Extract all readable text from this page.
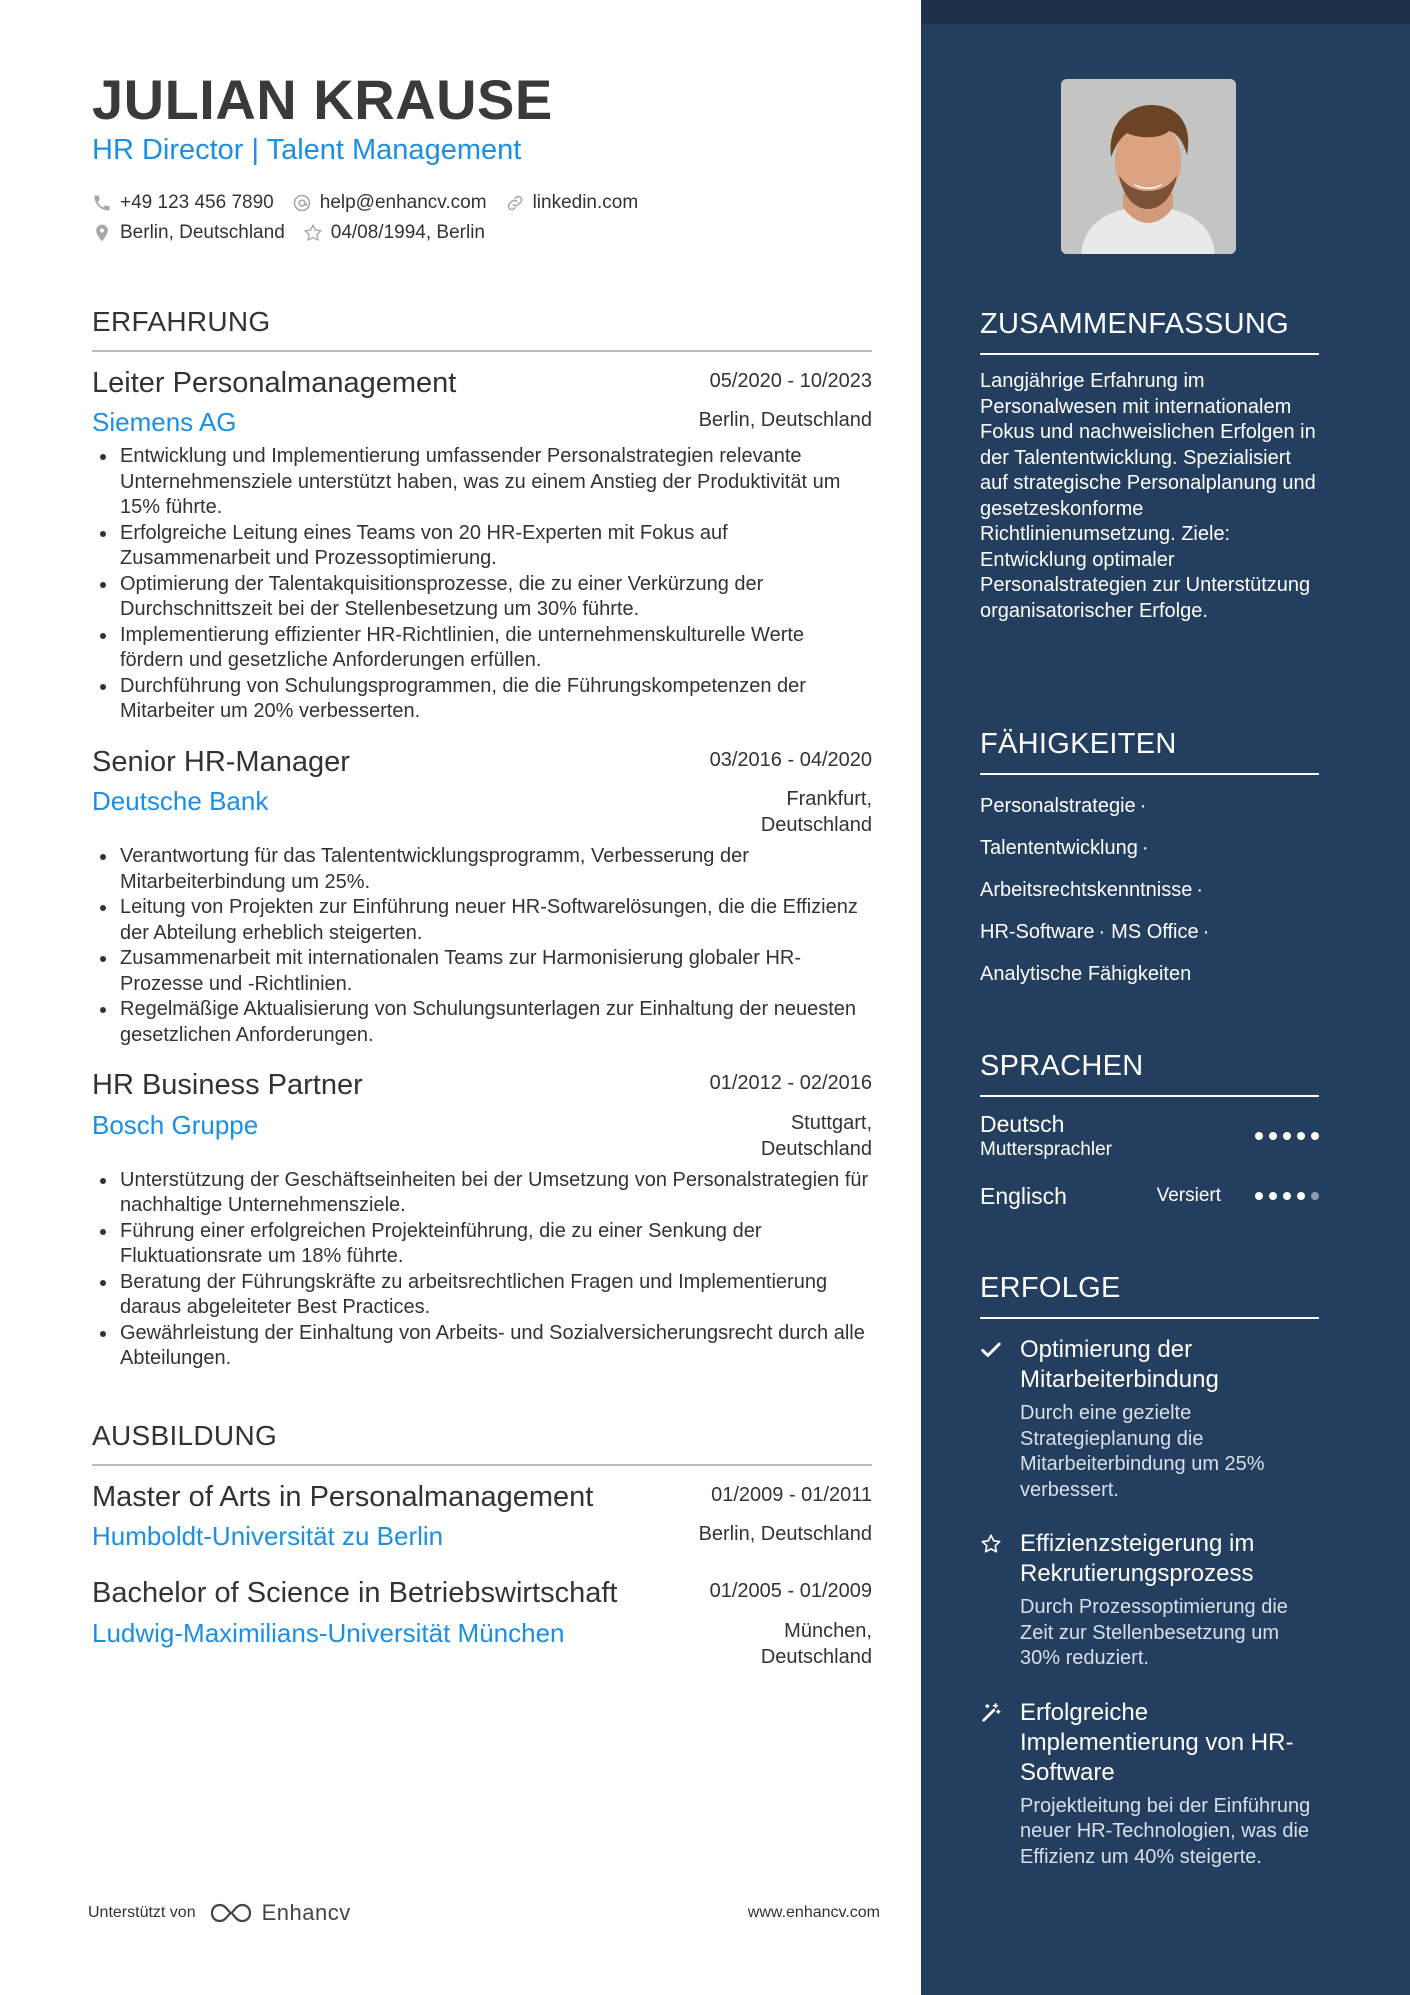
JULIAN KRAUSE
HR Director | Talent Management
+49 123 456 7890 help@enhancv.com linkedin.com
Berlin, Deutschland 04/08/1994, Berlin
ERFAHRUNG
Leiter Personalmanagement	05/2020 - 10/2023
Siemens AG	Berlin, Deutschland
Entwicklung und Implementierung umfassender Personalstrategien relevante Unternehmensziele unterstützt haben, was zu einem Anstieg der Produktivität um 15% führte.
Erfolgreiche Leitung eines Teams von 20 HR-Experten mit Fokus auf Zusammenarbeit und Prozessoptimierung.
Optimierung der Talentakquisitionsprozesse, die zu einer Verkürzung der Durchschnittszeit bei der Stellenbesetzung um 30% führte.
Implementierung effizienter HR-Richtlinien, die unternehmenskulturelle Werte fördern und gesetzliche Anforderungen erfüllen.
Durchführung von Schulungsprogrammen, die die Führungskompetenzen der Mitarbeiter um 20% verbesserten.
Senior HR-Manager	03/2016 - 04/2020
Deutsche Bank	Frankfurt, Deutschland
Verantwortung für das Talententwicklungsprogramm, Verbesserung der Mitarbeiterbindung um 25%.
Leitung von Projekten zur Einführung neuer HR-Softwarelösungen, die die Effizienz der Abteilung erheblich steigerten.
Zusammenarbeit mit internationalen Teams zur Harmonisierung globaler HR-Prozesse und -Richtlinien.
Regelmäßige Aktualisierung von Schulungsunterlagen zur Einhaltung der neuesten gesetzlichen Anforderungen.
HR Business Partner	01/2012 - 02/2016
Bosch Gruppe	Stuttgart, Deutschland
Unterstützung der Geschäftseinheiten bei der Umsetzung von Personalstrategien für nachhaltige Unternehmensziele.
Führung einer erfolgreichen Projekteinführung, die zu einer Senkung der Fluktuationsrate um 18% führte.
Beratung der Führungskräfte zu arbeitsrechtlichen Fragen und Implementierung daraus abgeleiteter Best Practices.
Gewährleistung der Einhaltung von Arbeits- und Sozialversicherungsrecht durch alle Abteilungen.
AUSBILDUNG
Master of Arts in Personalmanagement	01/2009 - 01/2011
Humboldt-Universität zu Berlin	Berlin, Deutschland
Bachelor of Science in Betriebswirtschaft	01/2005 - 01/2009
Ludwig-Maximilians-Universität München	München, Deutschland
Unterstützt von	Enhancv	www.enhancv.com
ZUSAMMENFASSUNG
Langjährige Erfahrung im Personalwesen mit internationalem Fokus und nachweislichen Erfolgen in der Talententwicklung. Spezialisiert auf strategische Personalplanung und gesetzeskonforme Richtlinienumsetzung. Ziele: Entwicklung optimaler Personalstrategien zur Unterstützung organisatorischer Erfolge.
FÄHIGKEITEN
Personalstrategie ·
Talententwicklung ·
Arbeitsrechtskenntnisse ·
HR-Software · MS Office ·
Analytische Fähigkeiten
SPRACHEN
Deutsch
Muttersprachler
Englisch	Versiert
ERFOLGE
Optimierung der Mitarbeiterbindung
Durch eine gezielte Strategieplanung die Mitarbeiterbindung um 25% verbessert.
Effizienzsteigerung im Rekrutierungsprozess
Durch Prozessoptimierung die Zeit zur Stellenbesetzung um 30% reduziert.
Erfolgreiche Implementierung von HR-Software
Projektleitung bei der Einführung neuer HR-Technologien, was die Effizienz um 40% steigerte.
